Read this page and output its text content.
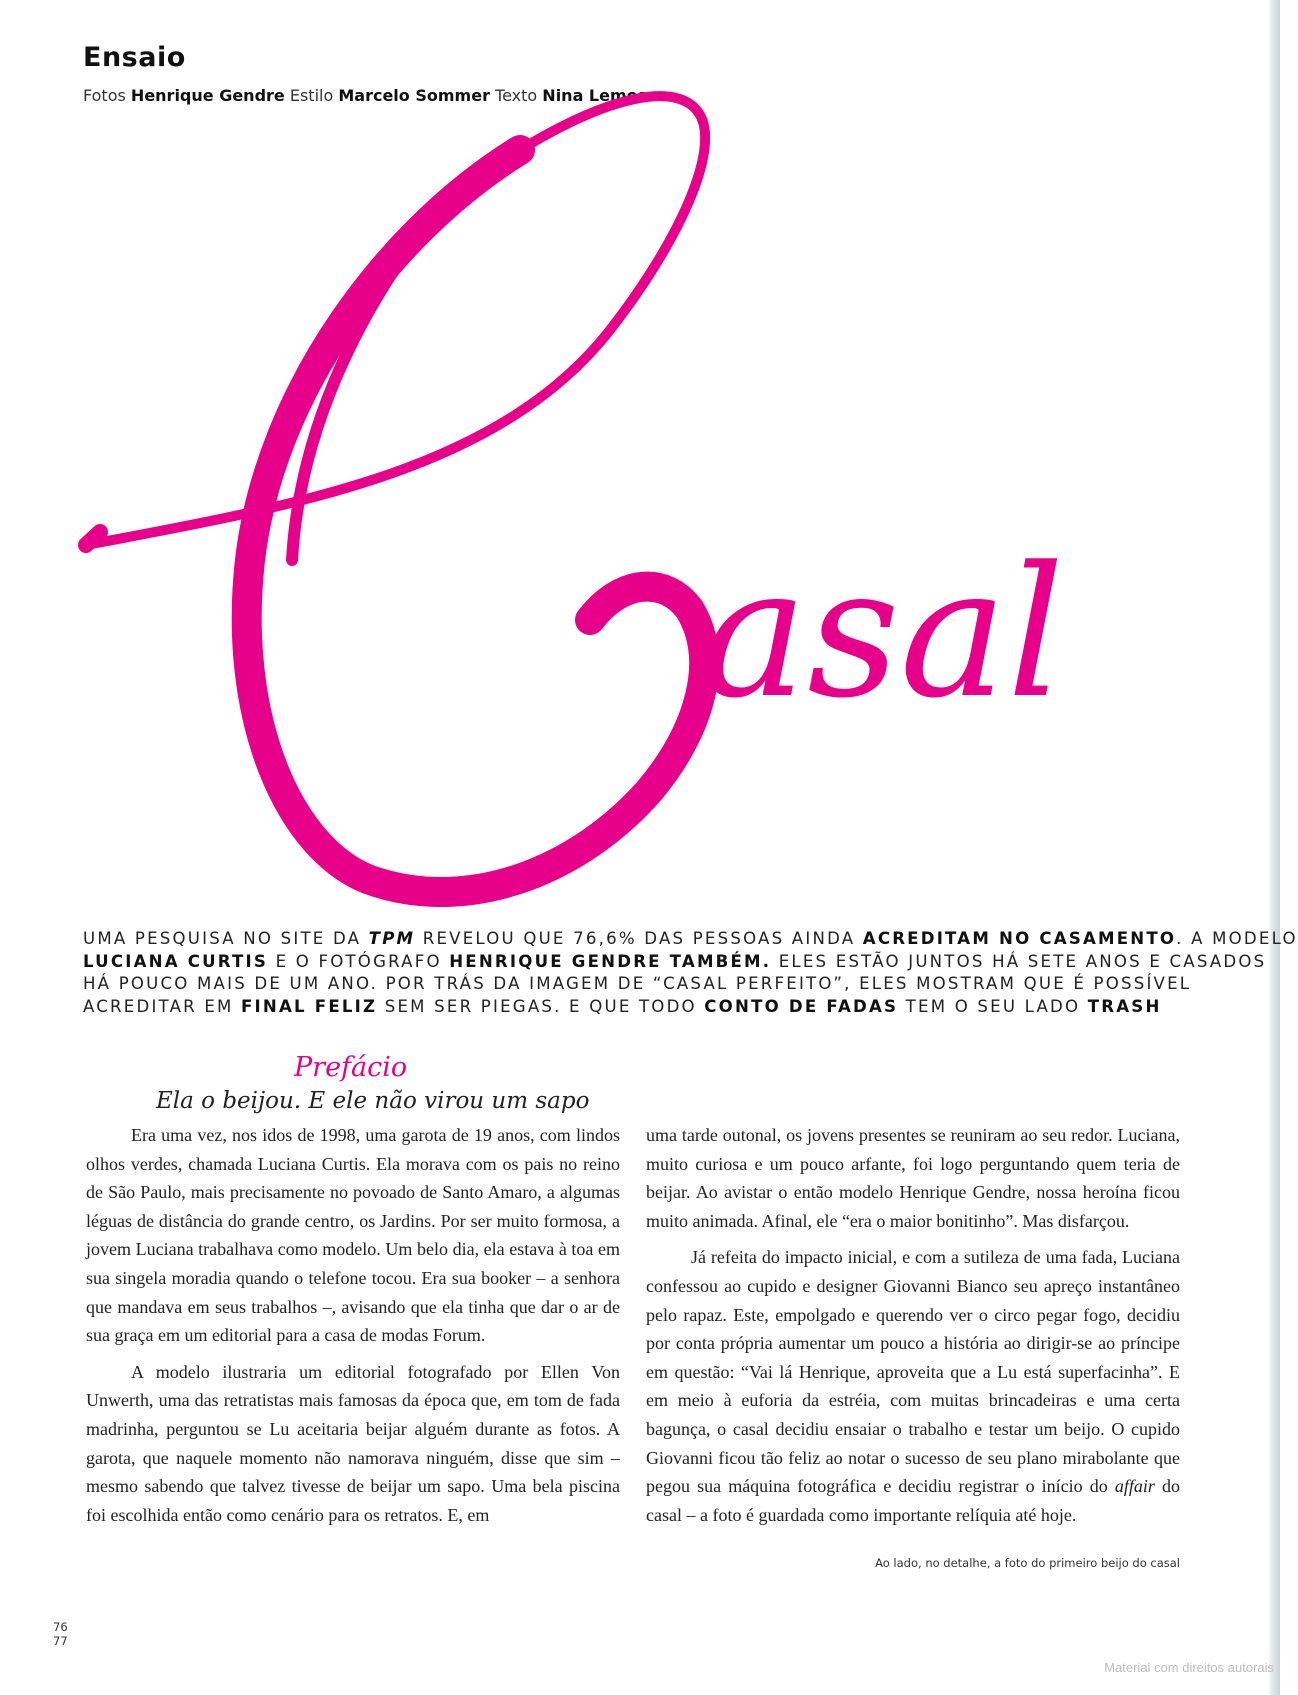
Ensaio
Fotos Henrique Gendre Estilo Marcelo Sommer Texto Nina Lemos
asal
C
UMA PESQUISA NO SITE DA TPM REVELOU QUE 76,6% DAS PESSOAS AINDA ACREDITAM NO CASAMENTO. A MODELO
LUCIANA CURTIS E O FOTÓGRAFO HENRIQUE GENDRE TAMBÉM. ELES ESTÃO JUNTOS HÁ SETE ANOS E CASADOS
HÁ POUCO MAIS DE UM ANO. POR TRÁS DA IMAGEM DE “CASAL PERFEITO”, ELES MOSTRAM QUE É POSSÍVEL
ACREDITAR EM FINAL FELIZ SEM SER PIEGAS. E QUE TODO CONTO DE FADAS TEM O SEU LADO TRASH
Prefácio
Ela o beijou. E ele não virou um sapo

Era uma vez, nos idos de 1998, uma garota de 19 anos, com lindos olhos verdes, chamada Luciana Curtis. Ela morava com os pais no reino de São Paulo, mais precisamente no povoado de Santo Amaro, a algumas léguas de distância do grande centro, os Jardins. Por ser muito formosa, a jovem Luciana trabalhava como modelo. Um belo dia, ela estava à toa em sua singela moradia quando o telefone tocou. Era sua booker – a senhora que mandava em seus trabalhos –, avisando que ela tinha que dar o ar de sua graça em um editorial para a casa de modas Forum.

A modelo ilustraria um editorial fotografado por Ellen Von Unwerth, uma das retratistas mais famosas da época que, em tom de fada madrinha, perguntou se Lu aceitaria beijar alguém durante as fotos. A garota, que naquele momento não namorava ninguém, disse que sim – mesmo sabendo que talvez tivesse de beijar um sapo. Uma bela piscina foi escolhida então como cenário para os retratos. E, em

uma tarde outonal, os jovens presentes se reuniram ao seu redor. Luciana, muito curiosa e um pouco arfante, foi logo perguntando quem teria de beijar. Ao avistar o então modelo Henrique Gendre, nossa heroína ficou muito animada. Afinal, ele “era o maior bonitinho”. Mas disfarçou.

Já refeita do impacto inicial, e com a sutileza de uma fada, Luciana confessou ao cupido e designer Giovanni Bianco seu apreço instantâneo pelo rapaz. Este, empolgado e querendo ver o circo pegar fogo, decidiu por conta própria aumentar um pouco a história ao dirigir-se ao príncipe em questão: “Vai lá Henrique, aproveita que a Lu está superfacinha”. E em meio à euforia da estréia, com muitas brincadeiras e uma certa bagunça, o casal decidiu ensaiar o trabalho e testar um beijo. O cupido Giovanni ficou tão feliz ao notar o sucesso de seu plano mirabolante que pegou sua máquina fotográfica e decidiu registrar o início do affair do casal – a foto é guardada como importante relíquia até hoje.

Ao lado, no detalhe, a foto do primeiro beijo do casal
76
77
Material com direitos autorais
